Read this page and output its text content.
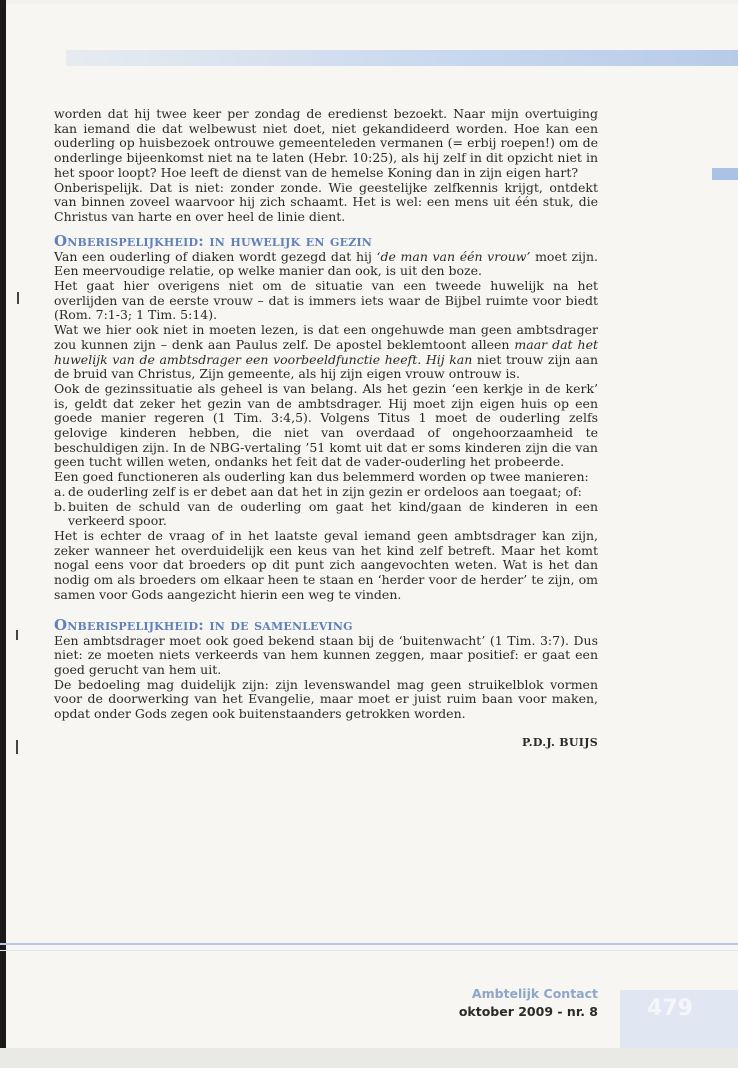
worden dat hij twee keer per zondag de eredienst bezoekt. Naar mijn overtuiging kan iemand die dat welbewust niet doet, niet gekandideerd worden. Hoe kan een ouderling op huisbezoek ontrouwe gemeenteleden vermanen (= erbij roepen!) om de onderlinge bijeenkomst niet na te laten (Hebr. 10:25), als hij zelf in dit opzicht niet in het spoor loopt? Hoe leeft de dienst van de hemelse Koning dan in zijn eigen hart?

Onberispelijk. Dat is niet: zonder zonde. Wie geestelijke zelfkennis krijgt, ontdekt van binnen zoveel waarvoor hij zich schaamt. Het is wel: een mens uit één stuk, die Christus van harte en over heel de linie dient.

Onberispelijkheid: in huwelijk en gezin

Van een ouderling of diaken wordt gezegd dat hij ‘de man van één vrouw’ moet zijn. Een meervoudige relatie, op welke manier dan ook, is uit den boze.

Het gaat hier overigens niet om de situatie van een tweede huwelijk na het overlijden van de eerste vrouw – dat is immers iets waar de Bijbel ruimte voor biedt (Rom. 7:1-3; 1 Tim. 5:14).

Wat we hier ook niet in moeten lezen, is dat een ongehuwde man geen ambtsdrager zou kunnen zijn – denk aan Paulus zelf. De apostel beklemtoont alleen maar dat het huwelijk van de ambtsdrager een voorbeeldfunctie heeft. Hij kan niet trouw zijn aan de bruid van Christus, Zijn gemeente, als hij zijn eigen vrouw ontrouw is.

Ook de gezinssituatie als geheel is van belang. Als het gezin ‘een kerkje in de kerk’ is, geldt dat zeker het gezin van de ambtsdrager. Hij moet zijn eigen huis op een goede manier regeren (1 Tim. 3:4,5). Volgens Titus 1 moet de ouderling zelfs gelovige kinderen hebben, die niet van overdaad of ongehoorzaamheid te beschuldigen zijn. In de NBG-vertaling ’51 komt uit dat er soms kinderen zijn die van geen tucht willen weten, ondanks het feit dat de vader-ouderling het probeerde.

Een goed functioneren als ouderling kan dus belemmerd worden op twee manieren:

a. de ouderling zelf is er debet aan dat het in zijn gezin er ordeloos aan toegaat; of:
b. buiten de schuld van de ouderling om gaat het kind/gaan de kinderen in een verkeerd spoor.

Het is echter de vraag of in het laatste geval iemand geen ambtsdrager kan zijn, zeker wanneer het overduidelijk een keus van het kind zelf betreft. Maar het komt nogal eens voor dat broeders op dit punt zich aangevochten weten. Wat is het dan nodig om als broeders om elkaar heen te staan en ‘herder voor de herder’ te zijn, om samen voor Gods aangezicht hierin een weg te vinden.

Onberispelijkheid: in de samenleving

Een ambtsdrager moet ook goed bekend staan bij de ‘buitenwacht’ (1 Tim. 3:7). Dus niet: ze moeten niets verkeerds van hem kunnen zeggen, maar positief: er gaat een goed gerucht van hem uit.

De bedoeling mag duidelijk zijn: zijn levenswandel mag geen struikelblok vormen voor de doorwerking van het Evangelie, maar moet er juist ruim baan voor maken, opdat onder Gods zegen ook buitenstaanders getrokken worden.

P.D.J. BUIJS
Ambtelijk Contact
oktober 2009 - nr. 8	479
